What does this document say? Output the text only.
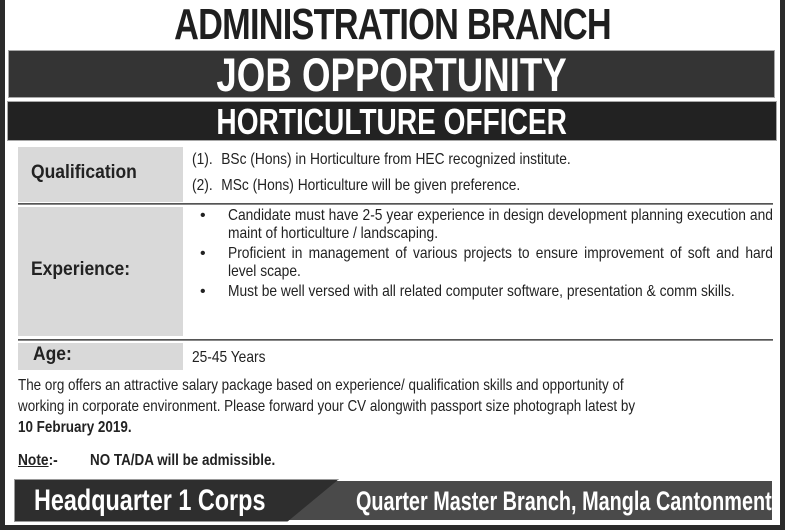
ADMINISTRATION BRANCH
JOB OPPORTUNITY
HORTICULTURE OFFICER
Qualification
(1). BSc (Hons) in Horticulture from HEC recognized institute.
(2). MSc (Hons) Horticulture will be given preference.
Experience:
• Candidate must have 2-5 year experience in design development planning execution and maint of horticulture / landscaping.
• Proficient in management of various projects to ensure improvement of soft and hard level scape.
• Must be well versed with all related computer software, presentation & comm skills.
Age:	25-45 Years
The org offers an attractive salary package based on experience/ qualification skills and opportunity of
working in corporate environment. Please forward your CV alongwith passport size photograph latest by
10 February 2019.
Note:- NO TA/DA will be admissible.
Headquarter 1 Corps	Quarter Master Branch, Mangla Cantonment
